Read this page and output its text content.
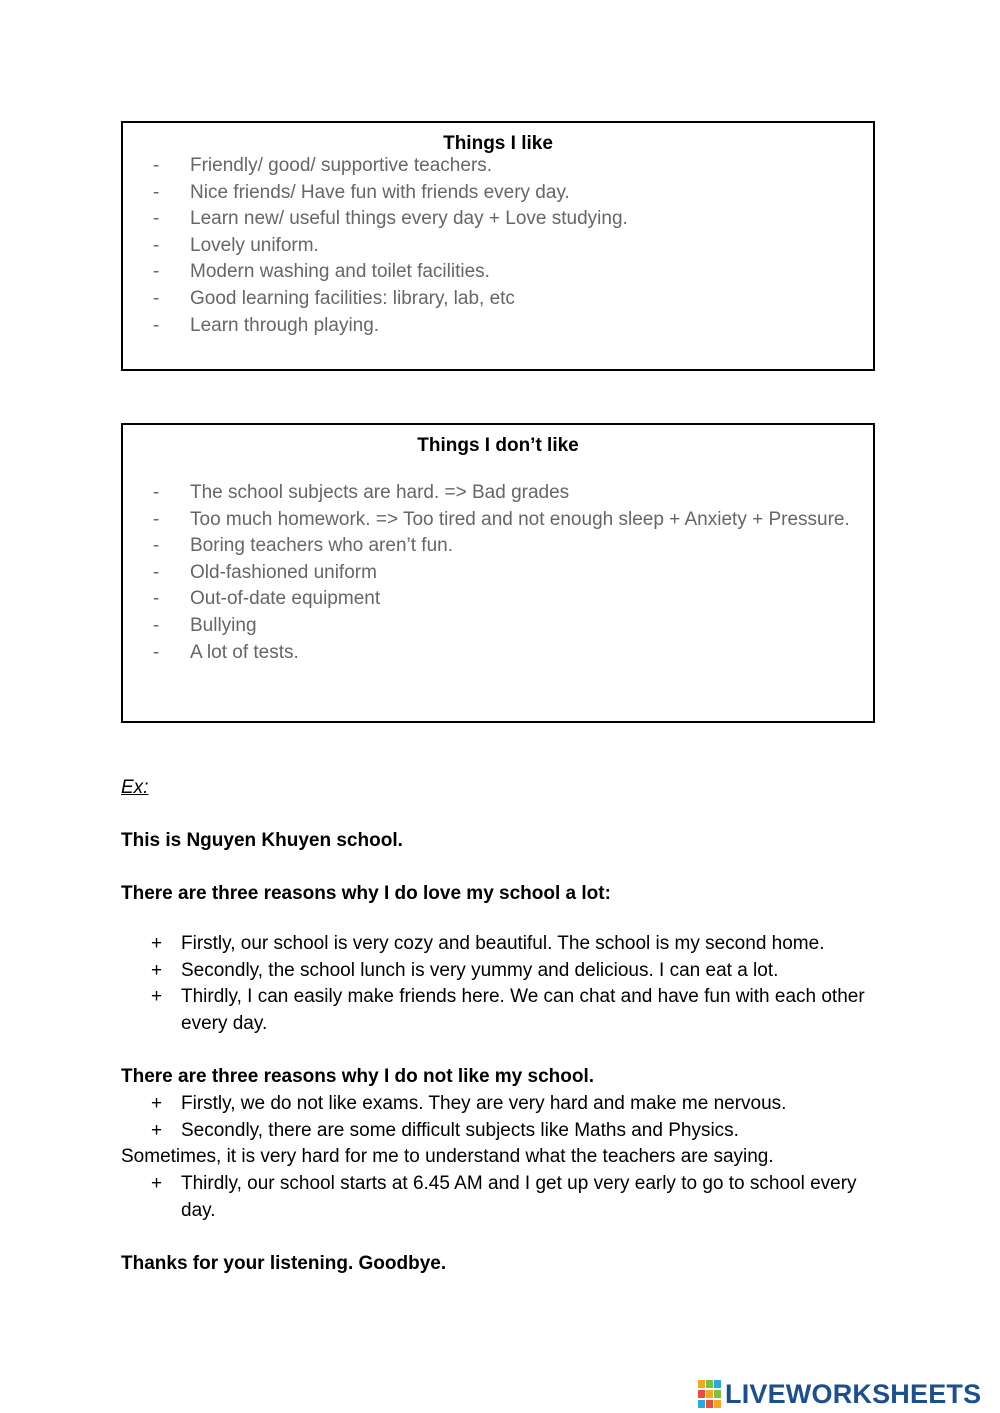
Things I like
- Friendly/ good/ supportive teachers.
- Nice friends/ Have fun with friends every day.
- Learn new/ useful things every day + Love studying.
- Lovely uniform.
- Modern washing and toilet facilities.
- Good learning facilities: library, lab, etc
- Learn through playing.
Things I don’t like
- The school subjects are hard. => Bad grades
- Too much homework. => Too tired and not enough sleep + Anxiety + Pressure.
- Boring teachers who aren’t fun.
- Old-fashioned uniform
- Out-of-date equipment
- Bullying
- A lot of tests.
Ex:
This is Nguyen Khuyen school.
There are three reasons why I do love my school a lot:
+ Firstly, our school is very cozy and beautiful. The school is my second home.
+ Secondly, the school lunch is very yummy and delicious. I can eat a lot.
+ Thirdly, I can easily make friends here. We can chat and have fun with each other every day.
There are three reasons why I do not like my school.
+ Firstly, we do not like exams. They are very hard and make me nervous.
+ Secondly, there are some difficult subjects like Maths and Physics.
Sometimes, it is very hard for me to understand what the teachers are saying.
+ Thirdly, our school starts at 6.45 AM and I get up very early to go to school every day.
Thanks for your listening. Goodbye.
LIVEWORKSHEETS
